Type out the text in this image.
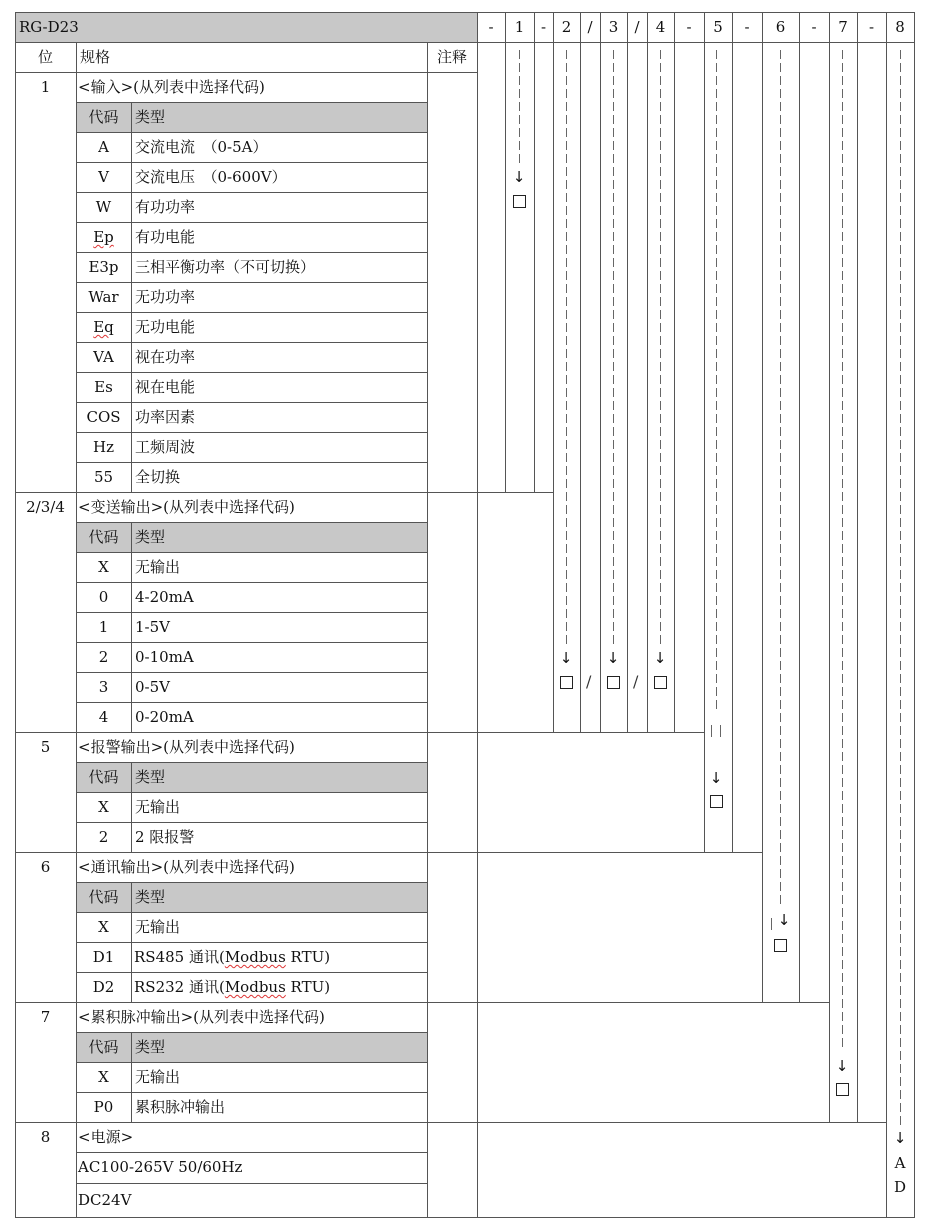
RG-D23	-	1	-	2	/	3	/	4	-	5	-	6	-	7	-	8
位	规格	注释
1	<输入>(从列表中选择代码)
代码	类型
A	交流电流　（0-5A）
V	交流电压　（0-600V）
W	有功功率
Ep	有功电能
E3p	三相平衡功率（不可切换）
War	无功功率
Eq	无功电能
VA	视在功率
Es	视在电能
COS 功率因素
Hz	工频周波
55	全切换
2/3/4 <变送输出>(从列表中选择代码)
代码	类型
X	无输出
0	4-20mA
1	1-5V
2	0-10mA
3	0-5V
4	0-20mA
5	<报警输出>(从列表中选择代码)
代码	类型
X	无输出
2	2 限报警
6	<通讯输出>(从列表中选择代码)
代码	类型
X	无输出
D1	RS485 通讯(Modbus RTU)
D2	RS232 通讯(Modbus RTU)
7	<累积脉冲输出>(从列表中选择代码)
代码	类型
X	无输出
P0	累积脉冲输出
8	<电源>
AC100-265V 50/60Hz
DC24V
↓
↓ ↓ ↓
↓
↓
↓
↓
/	/
A
D
